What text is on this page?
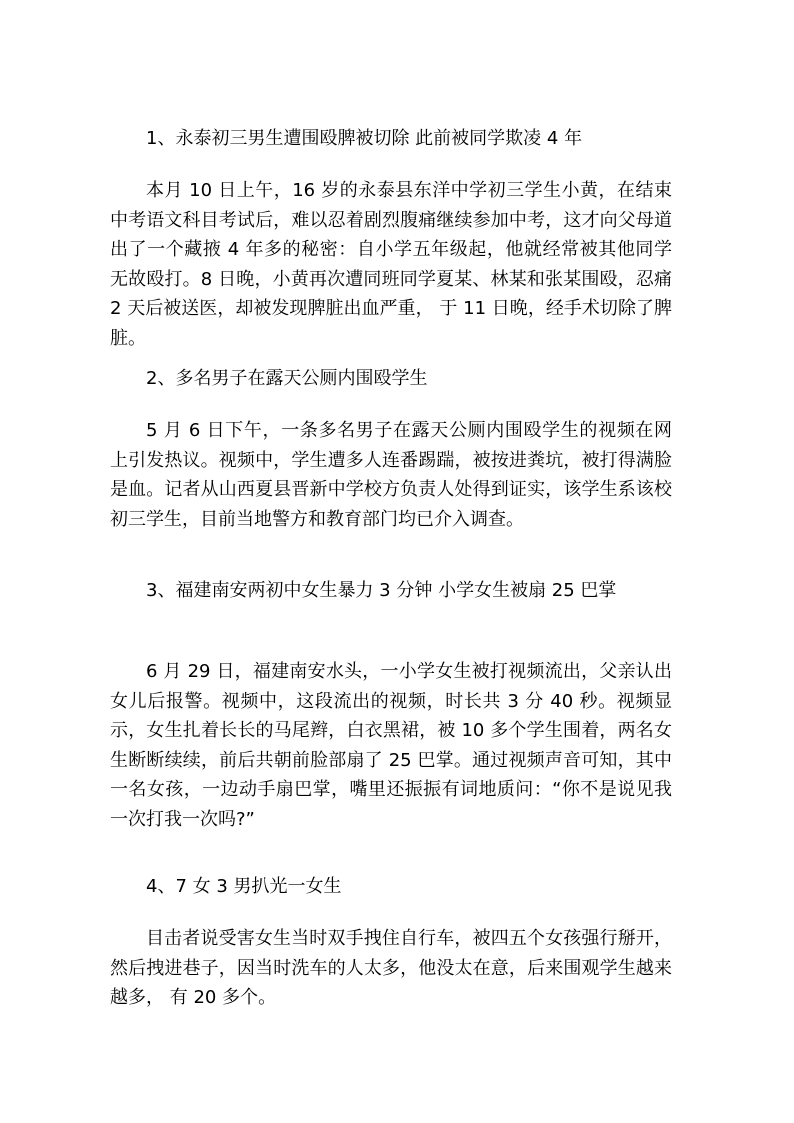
1、永泰初三男生遭围殴脾被切除 此前被同学欺凌 4 年

本月 10 日上午，16 岁的永泰县东洋中学初三学生小黄，在结束中考语文科目考试后，难以忍着剧烈腹痛继续参加中考，这才向父母道出了一个藏掖 4 年多的秘密：自小学五年级起，他就经常被其他同学无故殴打。8 日晚，小黄再次遭同班同学夏某、林某和张某围殴，忍痛 2 天后被送医，却被发现脾脏出血严重， 于 11 日晚，经手术切除了脾脏。

2、多名男子在露天公厕内围殴学生

5 月 6 日下午，一条多名男子在露天公厕内围殴学生的视频在网上引发热议。视频中，学生遭多人连番踢踹，被按进粪坑，被打得满脸是血。记者从山西夏县晋新中学校方负责人处得到证实，该学生系该校初三学生，目前当地警方和教育部门均已介入调查。

3、福建南安两初中女生暴力 3 分钟 小学女生被扇 25 巴掌

6 月 29 日，福建南安水头，一小学女生被打视频流出，父亲认出女儿后报警。视频中，这段流出的视频，时长共 3 分 40 秒。视频显示，女生扎着长长的马尾辫，白衣黑裙，被 10 多个学生围着，两名女生断断续续，前后共朝前脸部扇了 25 巴掌。通过视频声音可知，其中一名女孩，一边动手扇巴掌，嘴里还振振有词地质问：“你不是说见我一次打我一次吗?”

4、7 女 3 男扒光一女生

目击者说受害女生当时双手拽住自行车，被四五个女孩强行掰开，然后拽进巷子，因当时洗车的人太多，他没太在意，后来围观学生越来越多， 有 20 多个。
